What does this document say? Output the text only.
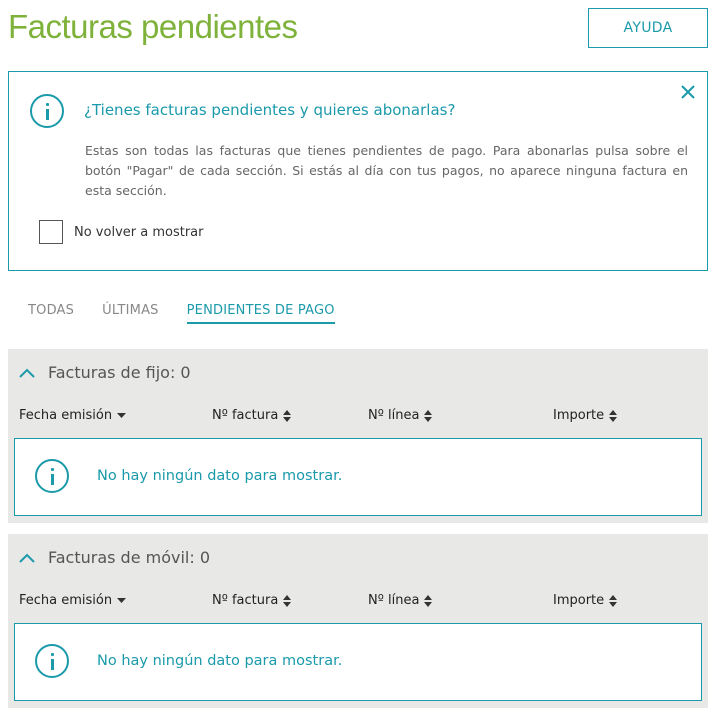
Facturas pendientes	AYUDA
¿Tienes facturas pendientes y quieres abonarlas?
Estas son todas las facturas que tienes pendientes de pago. Para abonarlas pulsa sobre el botón "Pagar" de cada sección. Si estás al día con tus pagos, no aparece ninguna factura en esta sección.
No volver a mostrar
TODAS ÚLTIMAS PENDIENTES DE PAGO
Facturas de fijo: 0
Fecha emisión	Nº factura	Nº línea	Importe
No hay ningún dato para mostrar.
Facturas de móvil: 0
Fecha emisión	Nº factura	Nº línea	Importe
No hay ningún dato para mostrar.
